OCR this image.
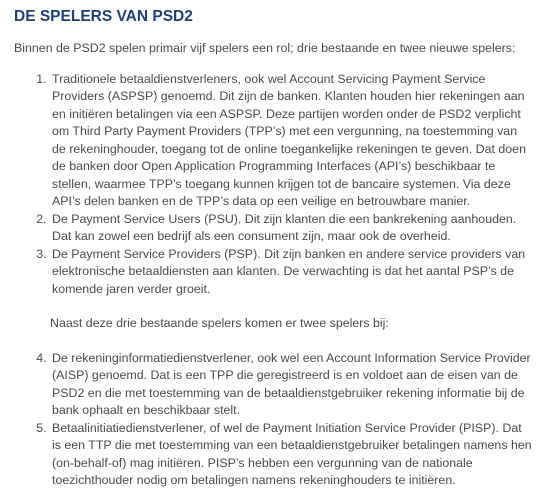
DE SPELERS VAN PSD2

Binnen de PSD2 spelen primair vijf spelers een rol; drie bestaande en twee nieuwe spelers:

1. Traditionele betaaldienstverleners, ook wel Account Servicing Payment Service Providers (ASPSP) genoemd. Dit zijn de banken. Klanten houden hier rekeningen aan en initiëren betalingen via een ASPSP. Deze partijen worden onder de PSD2 verplicht om Third Party Payment Providers (TPP’s) met een vergunning, na toestemming van de rekeninghouder, toegang tot de online toegankelijke rekeningen te geven. Dat doen de banken door Open Application Programming Interfaces (API’s) beschikbaar te stellen, waarmee TPP’s toegang kunnen krijgen tot de bancaire systemen. Via deze API’s delen banken en de TPP’s data op een veilige en betrouwbare manier.
2. De Payment Service Users (PSU). Dit zijn klanten die een bankrekening aanhouden. Dat kan zowel een bedrijf als een consument zijn, maar ook de overheid.
3. De Payment Service Providers (PSP). Dit zijn banken en andere service providers van elektronische betaaldiensten aan klanten. De verwachting is dat het aantal PSP’s de komende jaren verder groeit.

Naast deze drie bestaande spelers komen er twee spelers bij:

4. De rekeninginformatiedienstverlener, ook wel een Account Information Service Provider (AISP) genoemd. Dat is een TPP die geregistreerd is en voldoet aan de eisen van de PSD2 en die met toestemming van de betaaldienstgebruiker rekening informatie bij de bank ophaalt en beschikbaar stelt.
5. Betaalinitiatiedienstverlener, of wel de Payment Initiation Service Provider (PISP). Dat is een TTP die met toestemming van een betaaldienstgebruiker betalingen namens hen (on-behalf-of) mag initiëren. PISP’s hebben een vergunning van de nationale toezichthouder nodig om betalingen namens rekeninghouders te initiëren.
